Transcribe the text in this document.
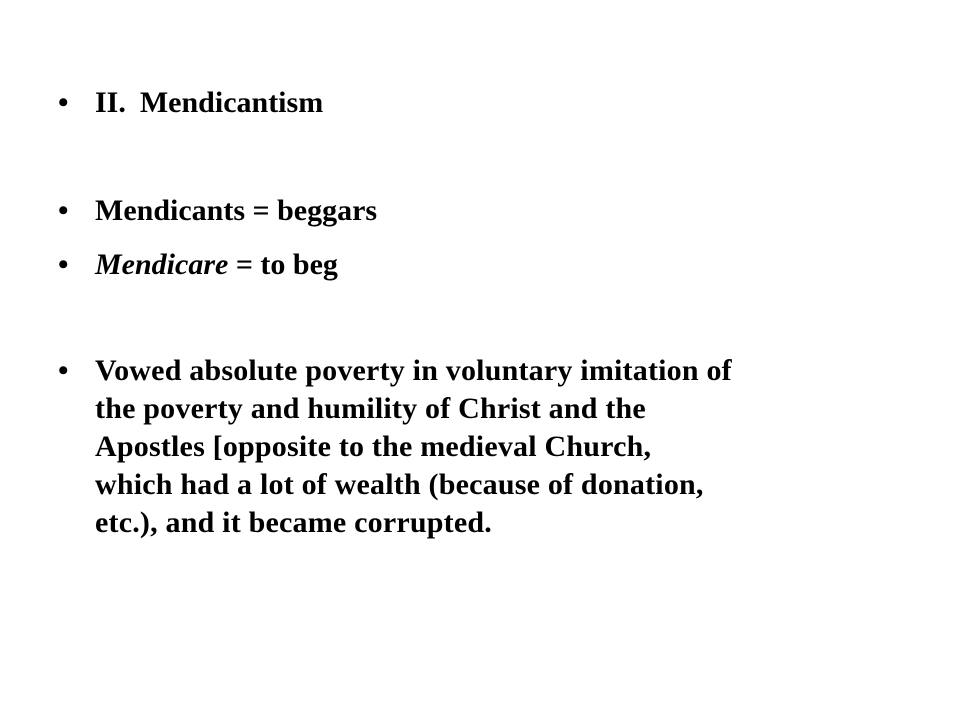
• II. Mendicantism
• Mendicants = beggars
• Mendicare = to beg
• Vowed absolute poverty in voluntary imitation of
the poverty and humility of Christ and the
Apostles [opposite to the medieval Church,
which had a lot of wealth (because of donation,
etc.), and it became corrupted.
